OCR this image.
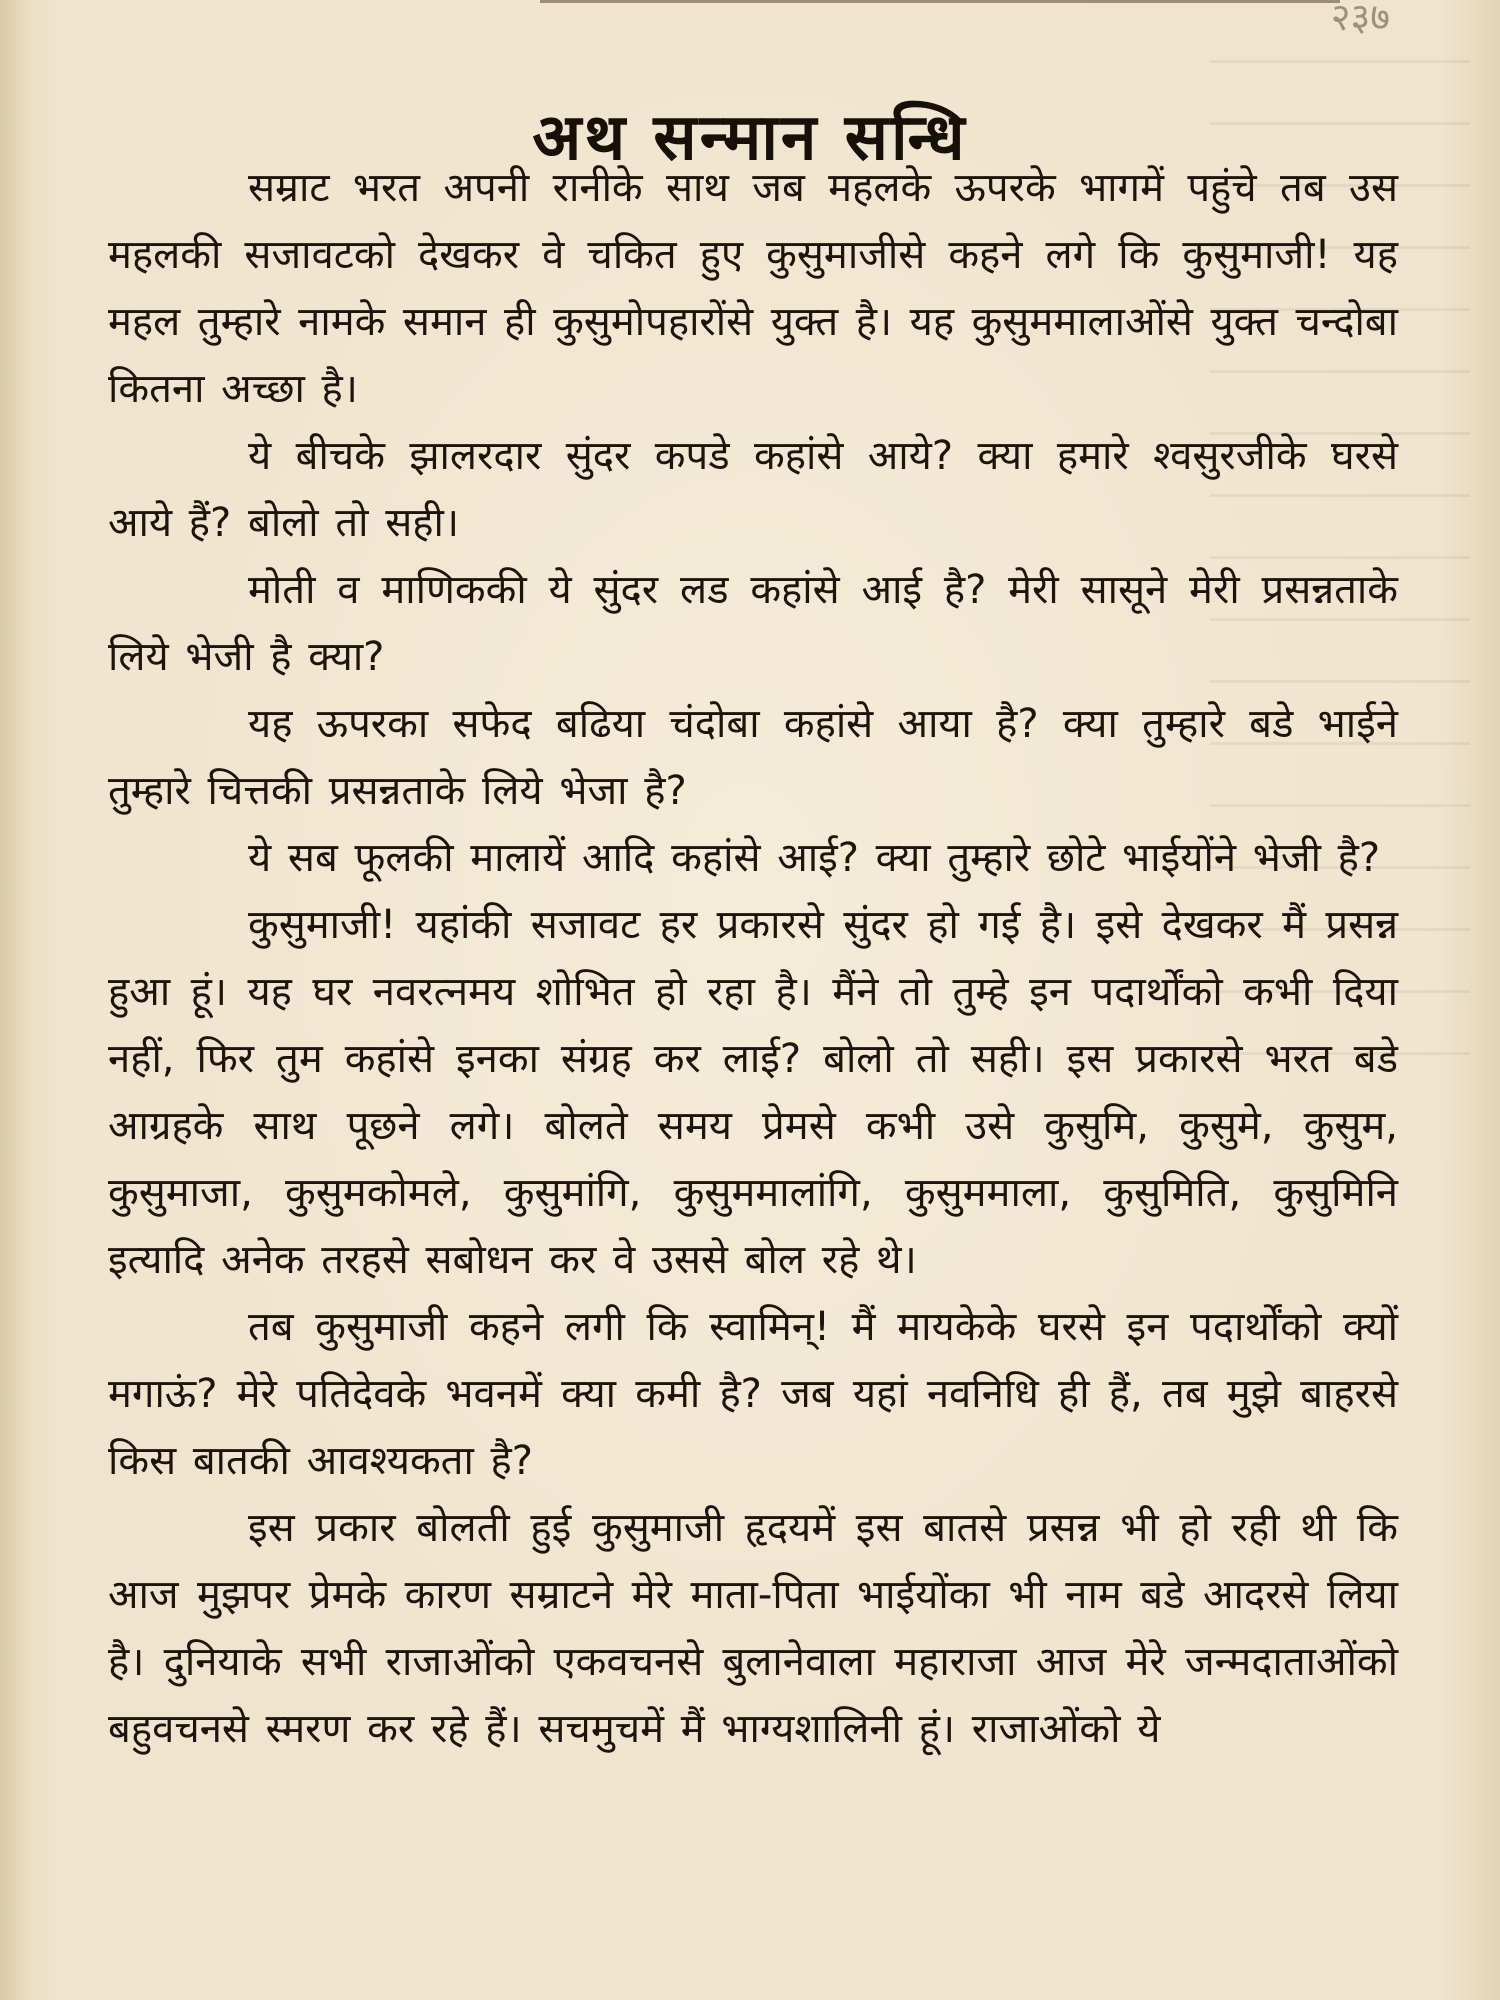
२३७
अथ सन्मान सन्धि

सम्राट भरत अपनी रानीके साथ जब महलके ऊपरके भागमें पहुंचे तब उस महलकी सजावटको देखकर वे चकित हुए कुसुमाजीसे कहने लगे कि कुसुमाजी! यह महल तुम्हारे नामके समान ही कुसुमोपहारोंसे युक्त है। यह कुसुममालाओंसे युक्त चन्दोबा कितना अच्छा है।

ये बीचके झालरदार सुंदर कपडे कहांसे आये? क्या हमारे श्वसुरजीके घरसे आये हैं? बोलो तो सही।

मोती व माणिककी ये सुंदर लड कहांसे आई है? मेरी सासूने मेरी प्रसन्नताके लिये भेजी है क्या?

यह ऊपरका सफेद बढिया चंदोबा कहांसे आया है? क्या तुम्हारे बडे भाईने तुम्हारे चित्तकी प्रसन्नताके लिये भेजा है?

ये सब फूलकी मालायें आदि कहांसे आई? क्या तुम्हारे छोटे भाईयोंने भेजी है?

कुसुमाजी! यहांकी सजावट हर प्रकारसे सुंदर हो गई है। इसे देखकर मैं प्रसन्न हुआ हूं। यह घर नवरत्नमय शोभित हो रहा है। मैंने तो तुम्हे इन पदार्थोंको कभी दिया नहीं, फिर तुम कहांसे इनका संग्रह कर लाई? बोलो तो सही। इस प्रकारसे भरत बडे आग्रहके साथ पूछने लगे। बोलते समय प्रेमसे कभी उसे कुसुमि, कुसुमे, कुसुम, कुसुमाजा, कुसुमकोमले, कुसुमांगि, कुसुममालांगि, कुसुममाला, कुसुमिति, कुसुमिनि इत्यादि अनेक तरहसे सबोधन कर वे उससे बोल रहे थे।

तब कुसुमाजी कहने लगी कि स्वामिन्! मैं मायकेके घरसे इन पदार्थोंको क्यों मगाऊं? मेरे पतिदेवके भवनमें क्या कमी है? जब यहां नवनिधि ही हैं, तब मुझे बाहरसे किस बातकी आवश्यकता है?

इस प्रकार बोलती हुई कुसुमाजी हृदयमें इस बातसे प्रसन्न भी हो रही थी कि आज मुझपर प्रेमके कारण सम्राटने मेरे माता-पिता भाईयोंका भी नाम बडे आदरसे लिया है। दुनियाके सभी राजाओंको एकवचनसे बुलानेवाला महाराजा आज मेरे जन्मदाताओंको बहुवचनसे स्मरण कर रहे हैं। सचमुचमें मैं भाग्यशालिनी हूं। राजाओंको ये
